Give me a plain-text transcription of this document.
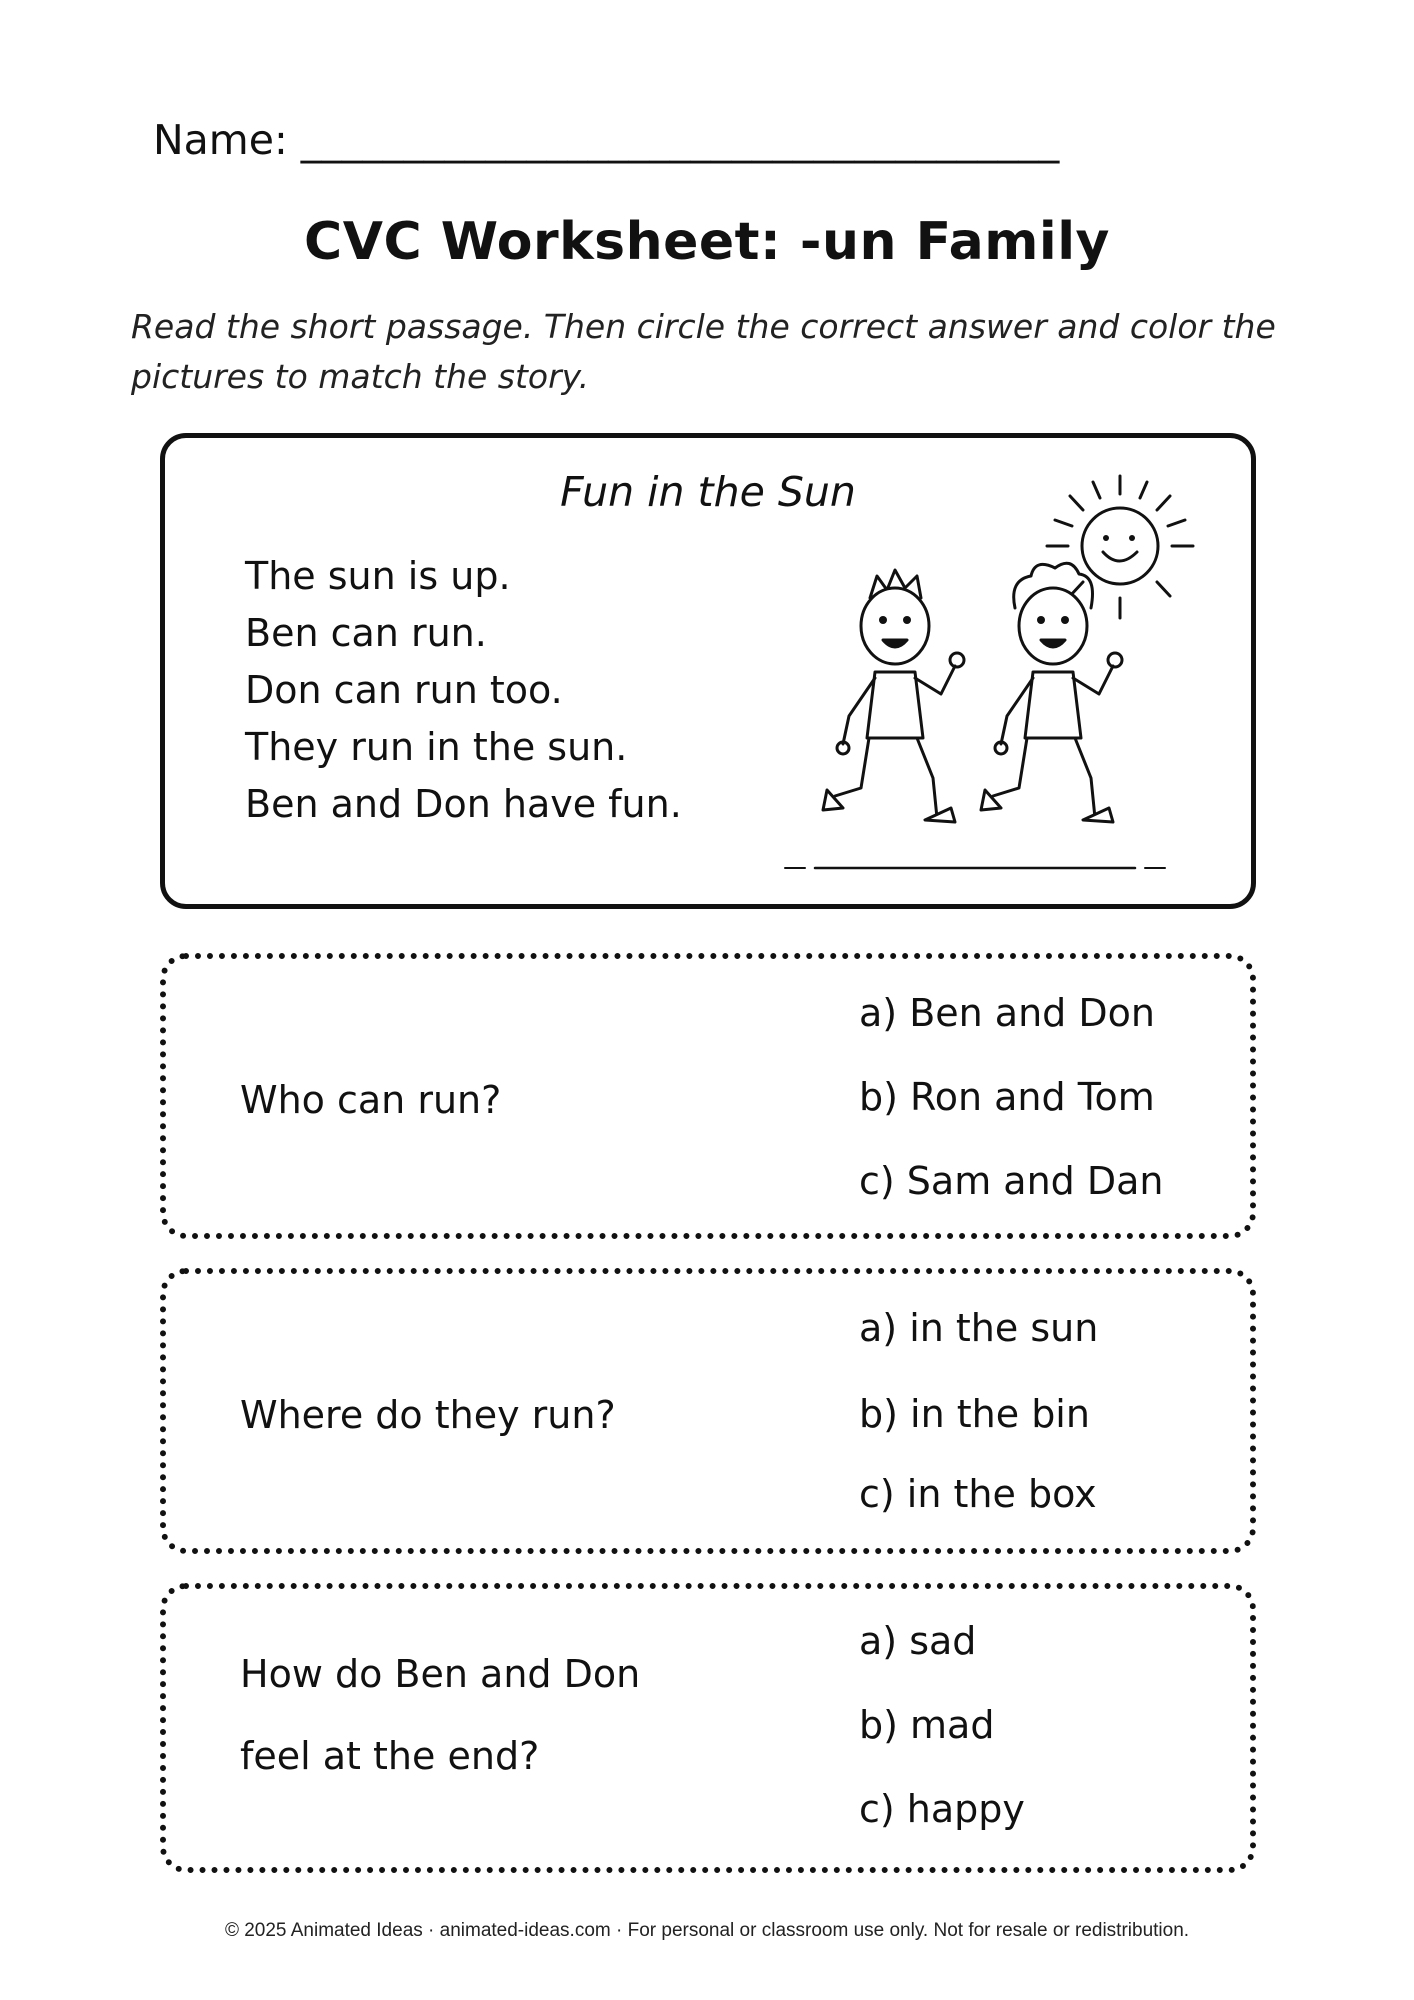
Name: _____________________________________
CVC Worksheet: -un Family
Read the short passage. Then circle the correct answer and color the pictures to match the story.
Fun in the Sun
The sun is up.
Ben can run.
Don can run too.
They run in the sun.
Ben and Don have fun.
Who can run?
a) Ben and Don
b) Ron and Tom
c) Sam and Dan
Where do they run?
a) in the sun
b) in the bin
c) in the box
How do Ben and Don
feel at the end?
a) sad
b) mad
c) happy
© 2025 Animated Ideas · animated-ideas.com · For personal or classroom use only. Not for resale or redistribution.
